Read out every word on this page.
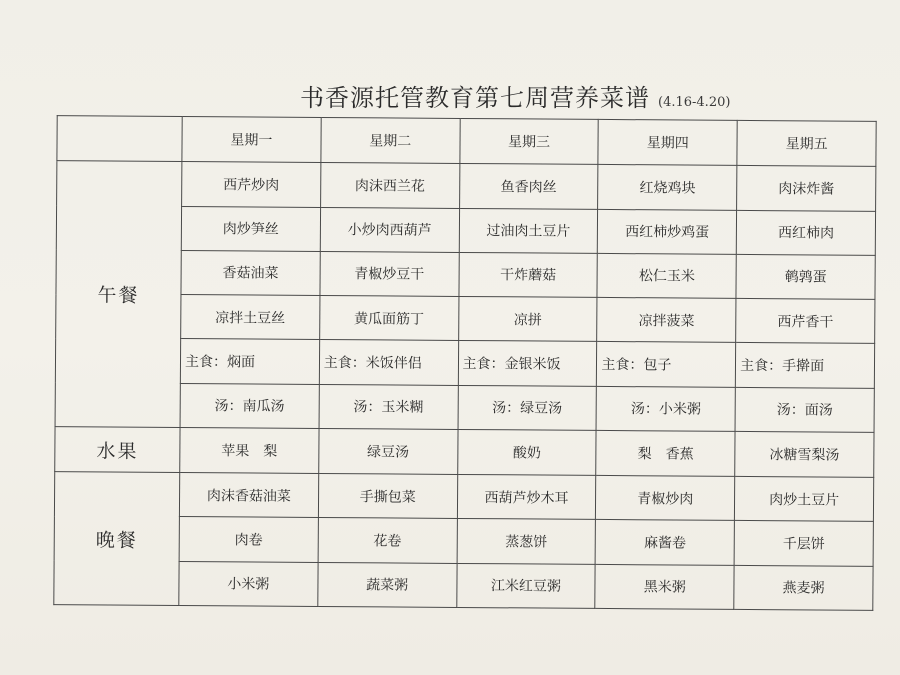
书香源托管教育第七周营养菜谱 (4.16-4.20)
	星期一	星期二	星期三	星期四	星期五
午餐	西芹炒肉	肉沫西兰花	鱼香肉丝	红烧鸡块	肉沫炸酱
	肉炒笋丝	小炒肉西葫芦	过油肉土豆片	西红柿炒鸡蛋	西红柿肉
	香菇油菜	青椒炒豆干	干炸蘑菇	松仁玉米	鹌鹑蛋
	凉拌土豆丝	黄瓜面筋丁	凉拼	凉拌菠菜	西芹香干
	主食：焖面	主食：米饭伴侣	主食：金银米饭	主食：包子	主食：手擀面
	汤：南瓜汤	汤：玉米糊	汤：绿豆汤	汤：小米粥	汤：面汤
水果	苹果　梨	绿豆汤	酸奶	梨　香蕉	冰糖雪梨汤
晚餐	肉沫香菇油菜	手撕包菜	西葫芦炒木耳	青椒炒肉	肉炒土豆片
	肉卷	花卷	蒸葱饼	麻酱卷	千层饼
	小米粥	蔬菜粥	江米红豆粥	黑米粥	燕麦粥
